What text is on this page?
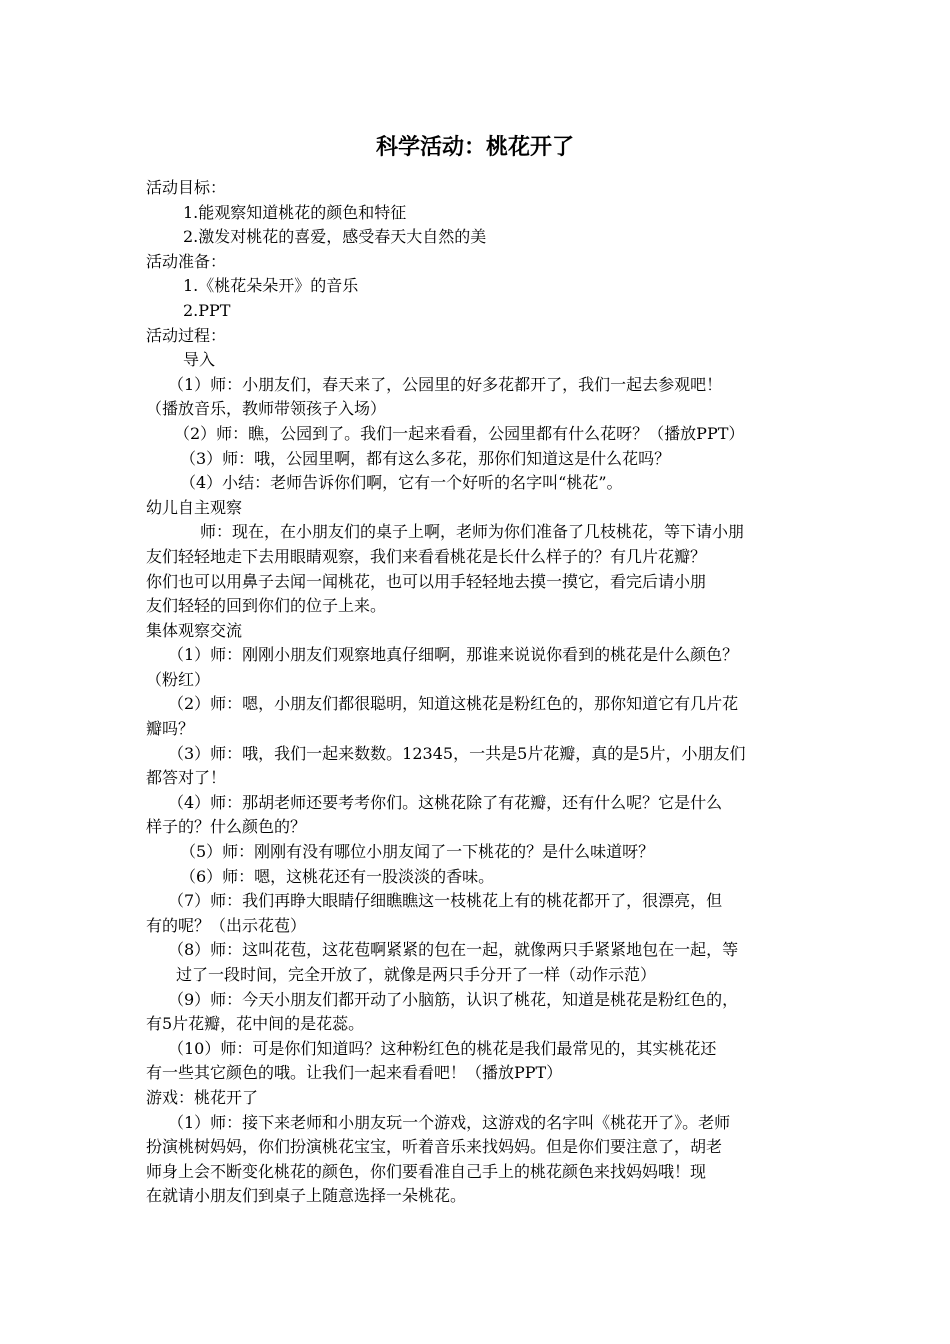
科学活动：桃花开了
活动目标：
1.能观察知道桃花的颜色和特征
2.激发对桃花的喜爱，感受春天大自然的美
活动准备：
1.《桃花朵朵开》的音乐
2.PPT
活动过程：
导入
（1）师：小朋友们，春天来了，公园里的好多花都开了，我们一起去参观吧！
（播放音乐，教师带领孩子入场）
（2）师：瞧，公园到了。我们一起来看看，公园里都有什么花呀？（播放PPT）
（3）师：哦，公园里啊，都有这么多花，那你们知道这是什么花吗？
（4）小结：老师告诉你们啊，它有一个好听的名字叫“桃花”。
幼儿自主观察
师：现在，在小朋友们的桌子上啊，老师为你们准备了几枝桃花，等下请小朋
友们轻轻地走下去用眼睛观察，我们来看看桃花是长什么样子的？有几片花瓣？
你们也可以用鼻子去闻一闻桃花，也可以用手轻轻地去摸一摸它，看完后请小朋
友们轻轻的回到你们的位子上来。
集体观察交流
（1）师：刚刚小朋友们观察地真仔细啊，那谁来说说你看到的桃花是什么颜色？
（粉红）
（2）师：嗯，小朋友们都很聪明，知道这桃花是粉红色的，那你知道它有几片花
瓣吗？
（3）师：哦，我们一起来数数。12345，一共是5片花瓣，真的是5片，小朋友们
都答对了！
（4）师：那胡老师还要考考你们。这桃花除了有花瓣，还有什么呢？它是什么
样子的？什么颜色的？
（5）师：刚刚有没有哪位小朋友闻了一下桃花的？是什么味道呀？
（6）师：嗯，这桃花还有一股淡淡的香味。
（7）师：我们再睁大眼睛仔细瞧瞧这一枝桃花上有的桃花都开了，很漂亮，但
有的呢？（出示花苞）
（8）师：这叫花苞，这花苞啊紧紧的包在一起，就像两只手紧紧地包在一起，等
过了一段时间，完全开放了，就像是两只手分开了一样（动作示范）
（9）师：今天小朋友们都开动了小脑筋，认识了桃花，知道是桃花是粉红色的，
有5片花瓣，花中间的是花蕊。
（10）师：可是你们知道吗？这种粉红色的桃花是我们最常见的，其实桃花还
有一些其它颜色的哦。让我们一起来看看吧！（播放PPT）
游戏：桃花开了
（1）师：接下来老师和小朋友玩一个游戏，这游戏的名字叫《桃花开了》。老师
扮演桃树妈妈，你们扮演桃花宝宝，听着音乐来找妈妈。但是你们要注意了，胡老
师身上会不断变化桃花的颜色，你们要看准自己手上的桃花颜色来找妈妈哦！现
在就请小朋友们到桌子上随意选择一朵桃花。
